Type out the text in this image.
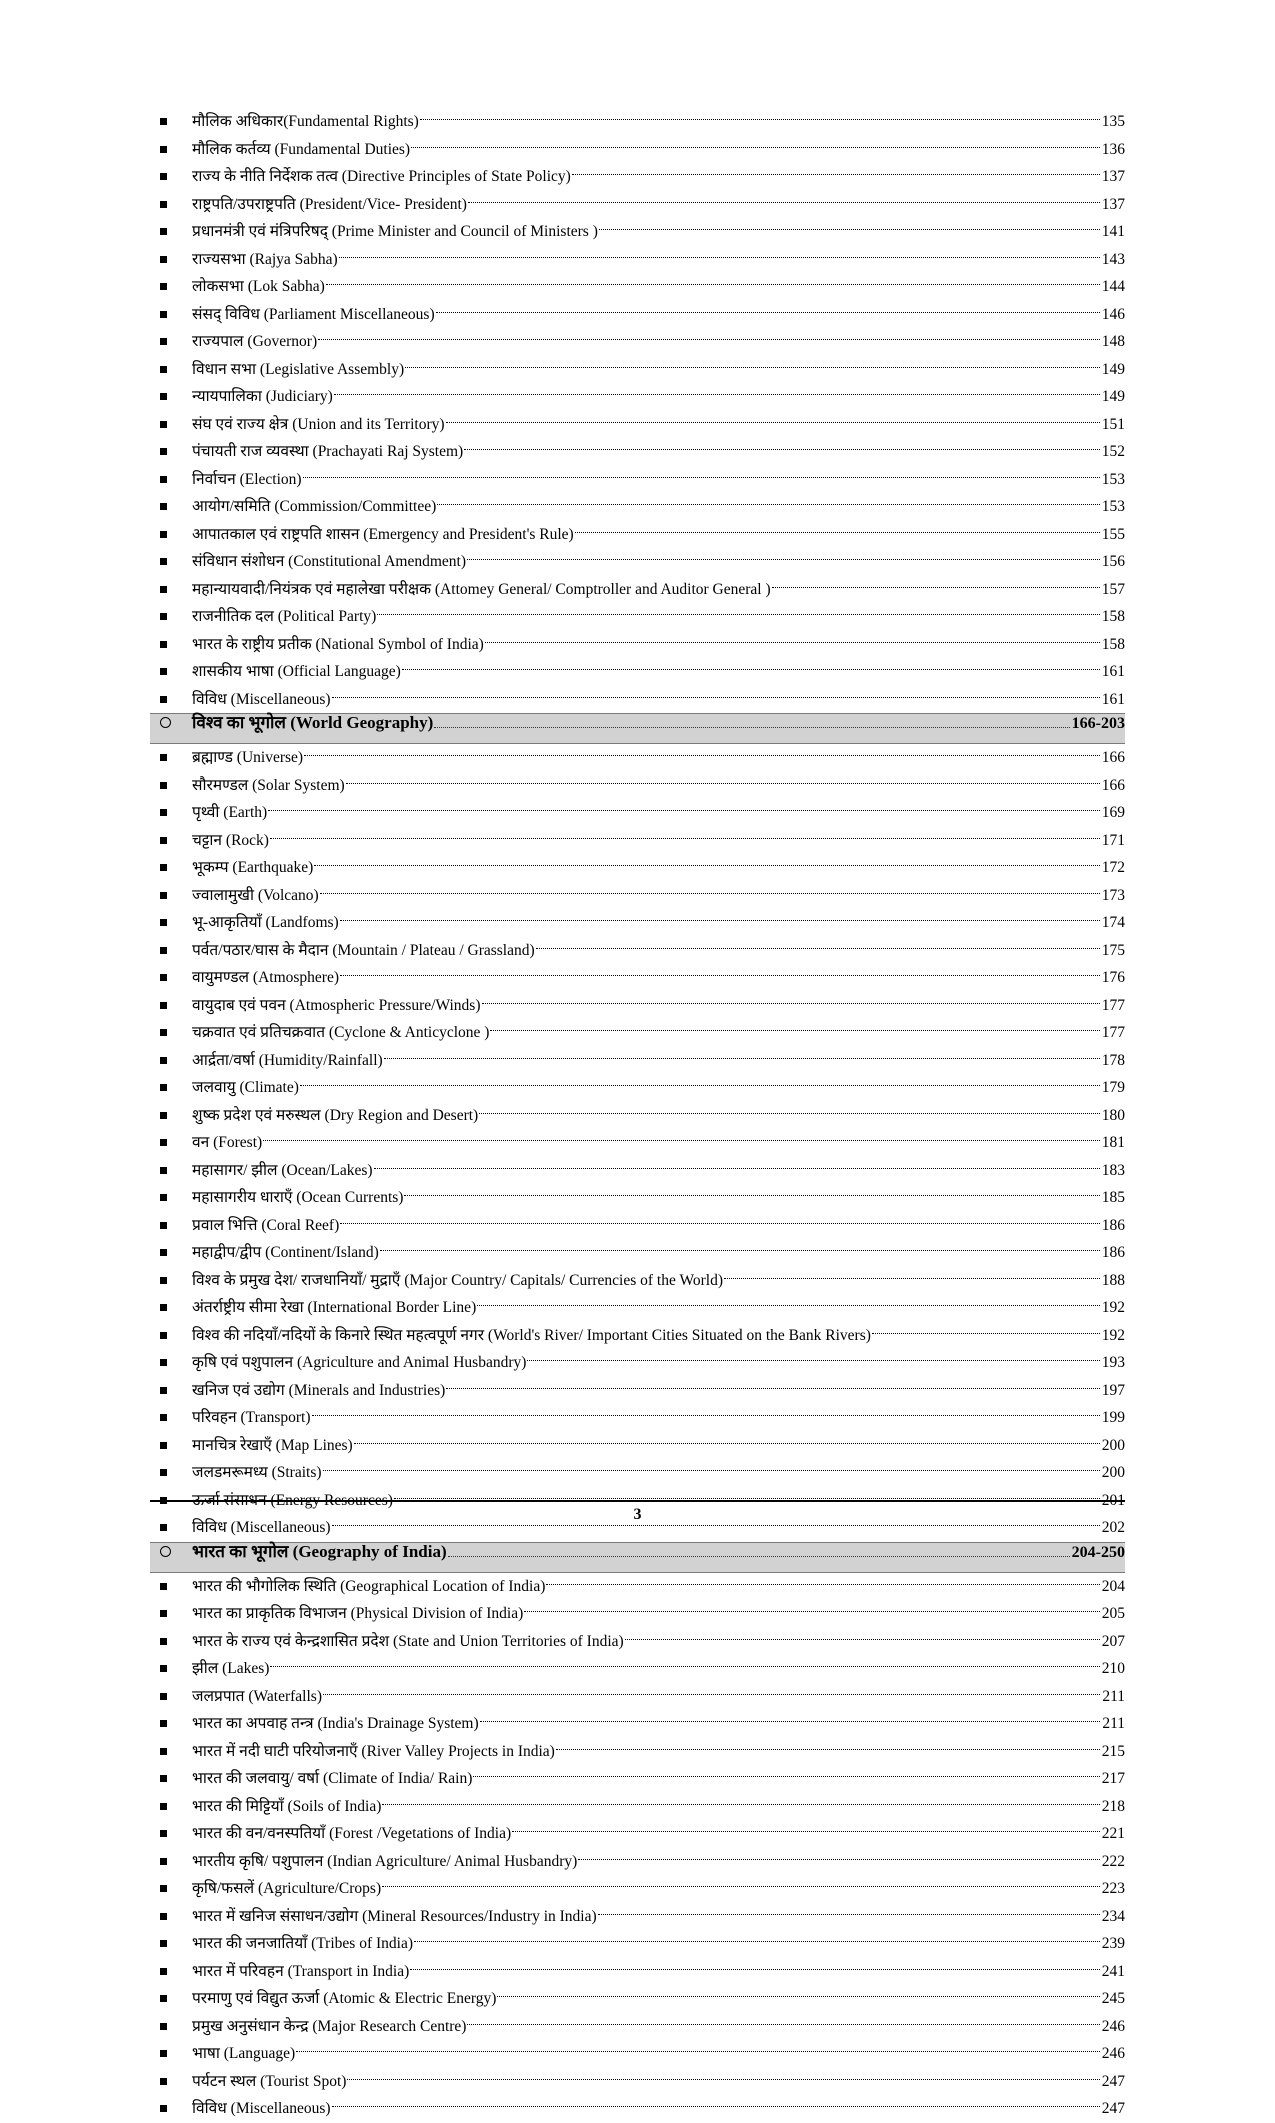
मौलिक अधिकार(Fundamental Rights)	135
मौलिक कर्तव्य (Fundamental Duties)	136
राज्य के नीति निर्देशक तत्व (Directive Principles of State Policy)	137
राष्ट्रपति/उपराष्ट्रपति (President/Vice- President)	137
प्रधानमंत्री एवं मंत्रिपरिषद् (Prime Minister and Council of Ministers )	141
राज्यसभा (Rajya Sabha)	143
लोकसभा (Lok Sabha)	144
संसद् विविध (Parliament Miscellaneous)	146
राज्यपाल (Governor)	148
विधान सभा (Legislative Assembly)	149
न्यायपालिका (Judiciary)	149
संघ एवं राज्य क्षेत्र (Union and its Territory)	151
पंचायती राज व्यवस्था (Prachayati Raj System)	152
निर्वाचन (Election)	153
आयोग/समिति (Commission/Committee)	153
आपातकाल एवं राष्ट्रपति शासन (Emergency and President's Rule)	155
संविधान संशोधन (Constitutional Amendment)	156
महान्यायवादी/नियंत्रक एवं महालेखा परीक्षक (Attomey General/ Comptroller and Auditor General )	157
राजनीतिक दल (Political Party)	158
भारत के राष्ट्रीय प्रतीक (National Symbol of India)	158
शासकीय भाषा (Official Language)	161
विविध (Miscellaneous)	161
विश्व का भूगोल (World Geography)	166-203
ब्रह्माण्ड (Universe)	166
सौरमण्डल (Solar System)	166
पृथ्वी (Earth)	169
चट्टान (Rock)	171
भूकम्प (Earthquake)	172
ज्वालामुखी (Volcano)	173
भू-आकृतियाँ (Landfoms)	174
पर्वत/पठार/घास के मैदान (Mountain / Plateau / Grassland)	175
वायुमण्डल (Atmosphere)	176
वायुदाब एवं पवन (Atmospheric Pressure/Winds)	177
चक्रवात एवं प्रतिचक्रवात (Cyclone & Anticyclone )	177
आर्द्रता/वर्षा (Humidity/Rainfall)	178
जलवायु (Climate)	179
शुष्क प्रदेश एवं मरुस्थल (Dry Region and Desert)	180
वन (Forest)	181
महासागर/ झील (Ocean/Lakes)	183
महासागरीय धाराएँ (Ocean Currents)	185
प्रवाल भित्ति (Coral Reef)	186
महाद्वीप/द्वीप (Continent/Island)	186
विश्व के प्रमुख देश/ राजधानियाँ/ मुद्राएँ (Major Country/ Capitals/ Currencies of the World)	188
अंतर्राष्ट्रीय सीमा रेखा (International Border Line)	192
विश्व की नदियाँ/नदियों के किनारे स्थित महत्वपूर्ण नगर (World's River/ Important Cities Situated on the Bank Rivers)	192
कृषि एवं पशुपालन (Agriculture and Animal Husbandry)	193
खनिज एवं उद्योग (Minerals and Industries)	197
परिवहन (Transport)	199
मानचित्र रेखाएँ (Map Lines)	200
जलडमरूमध्य (Straits)	200
ऊर्जा संसाधन (Energy Resources)	201
विविध (Miscellaneous)	202
भारत का भूगोल (Geography of India)	204-250
भारत की भौगोलिक स्थिति (Geographical Location of India)	204
भारत का प्राकृतिक विभाजन (Physical Division of India)	205
भारत के राज्य एवं केन्द्रशासित प्रदेश (State and Union Territories of India)	207
झील (Lakes)	210
जलप्रपात (Waterfalls)	211
भारत का अपवाह तन्त्र (India's Drainage System)	211
भारत में नदी घाटी परियोजनाएँ (River Valley Projects in India)	215
भारत की जलवायु/ वर्षा (Climate of India/ Rain)	217
भारत की मिट्टियाँ (Soils of India)	218
भारत की वन/वनस्पतियाँ (Forest /Vegetations of India)	221
भारतीय कृषि/ पशुपालन (Indian Agriculture/ Animal Husbandry)	222
कृषि/फसलें (Agriculture/Crops)	223
भारत में खनिज संसाधन/उद्योग (Mineral Resources/Industry in India)	234
भारत की जनजातियाँ (Tribes of India)	239
भारत में परिवहन (Transport in India)	241
परमाणु एवं विद्युत ऊर्जा (Atomic & Electric Energy)	245
प्रमुख अनुसंधान केन्द्र (Major Research Centre)	246
भाषा (Language)	246
पर्यटन स्थल (Tourist Spot)	247
विविध (Miscellaneous)	247
3
